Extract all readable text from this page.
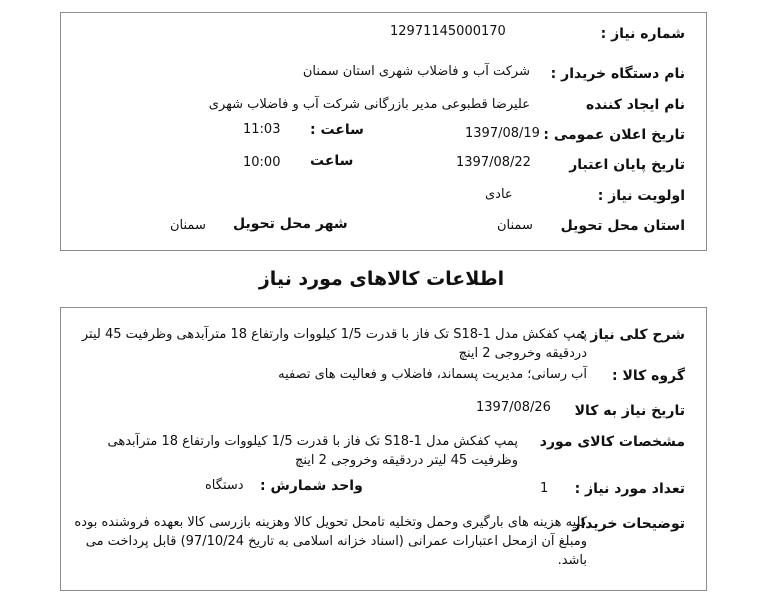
شماره نیاز :
12971145000170
نام دستگاه خریدار :
شرکت آب و فاضلاب شهری استان سمنان
نام ایجاد کننده
علیرضا قطبوعی مدیر بازرگانی شرکت آب و فاضلاب شهری
تاریخ اعلان عمومی :
1397/08/19
ساعت :
11:03
تاریخ پایان اعتبار
1397/08/22
ساعت
10:00
اولویت نیاز :
عادی
استان محل تحویل
سمنان
شهر محل تحویل
سمنان
اطلاعات کالاهای مورد نیاز
شرح کلی نیاز :
پمپ کفکش مدل S18-1 تک فاز با قدرت 1/5 کیلووات وارتفاع 18 مترآبدهی وظرفیت 45 لیتر دردقیقه وخروجی 2 اینچ
گروه کالا :
آب رسانی؛ مدیریت پسماند، فاضلاب و فعالیت های تصفیه
تاریخ نیاز به کالا
1397/08/26
مشخصات کالای مورد
پمپ کفکش مدل S18-1 تک فاز با قدرت 1/5 کیلووات وارتفاع 18 مترآبدهی وظرفیت 45 لیتر دردقیقه وخروجی 2 اینچ
تعداد مورد نیاز :
1
واحد شمارش :
دستگاه
توضیحات خریدار
کلیه هزینه های بارگیری وحمل وتخلیه تامحل تحویل کالا وهزینه بازرسی کالا بعهده فروشنده بوده ومبلغ آن ازمحل اعتبارات عمرانی (اسناد خزانه اسلامی به تاریخ 97/10/24) قابل پرداخت می باشد.
